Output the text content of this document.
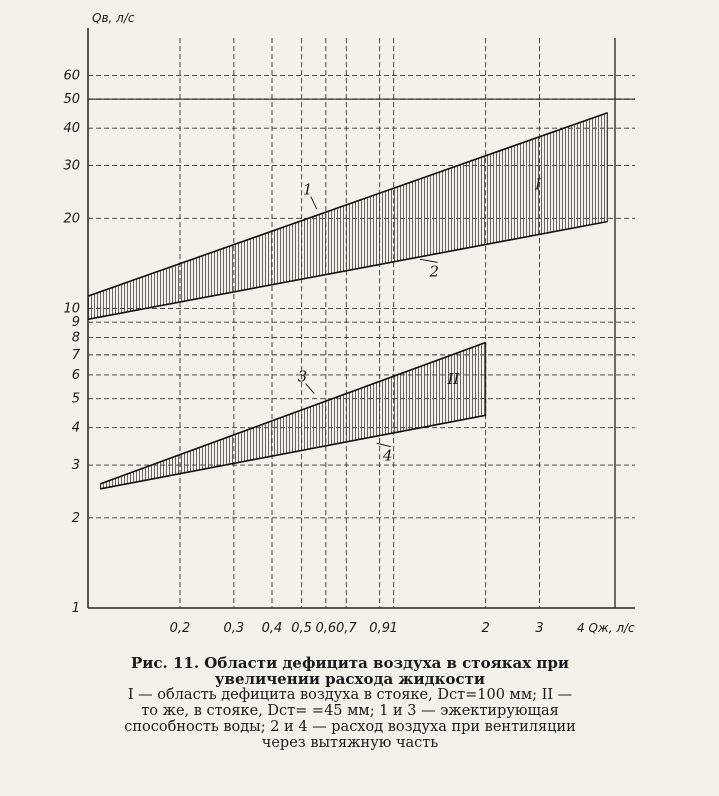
0,2	0,3 0,4 0,5 0,6 0,7 0,9 1	2	3
1
2
3
4
5
6
7
8
9
10
20
30
40
50
60
I
II
1
2
3
4
Qв, л/с
4 Qж, л/с
Рис. 11. Области дефицита воздуха в стояках при увеличении расхода жидкости
I — область дефицита воздуха в стояке, Dст=100 мм; II — то же, в стояке, Dст= =45 мм; 1 и 3 — эжектирующая способность воды; 2 и 4 — расход воздуха при вентиляции через вытяжную часть
